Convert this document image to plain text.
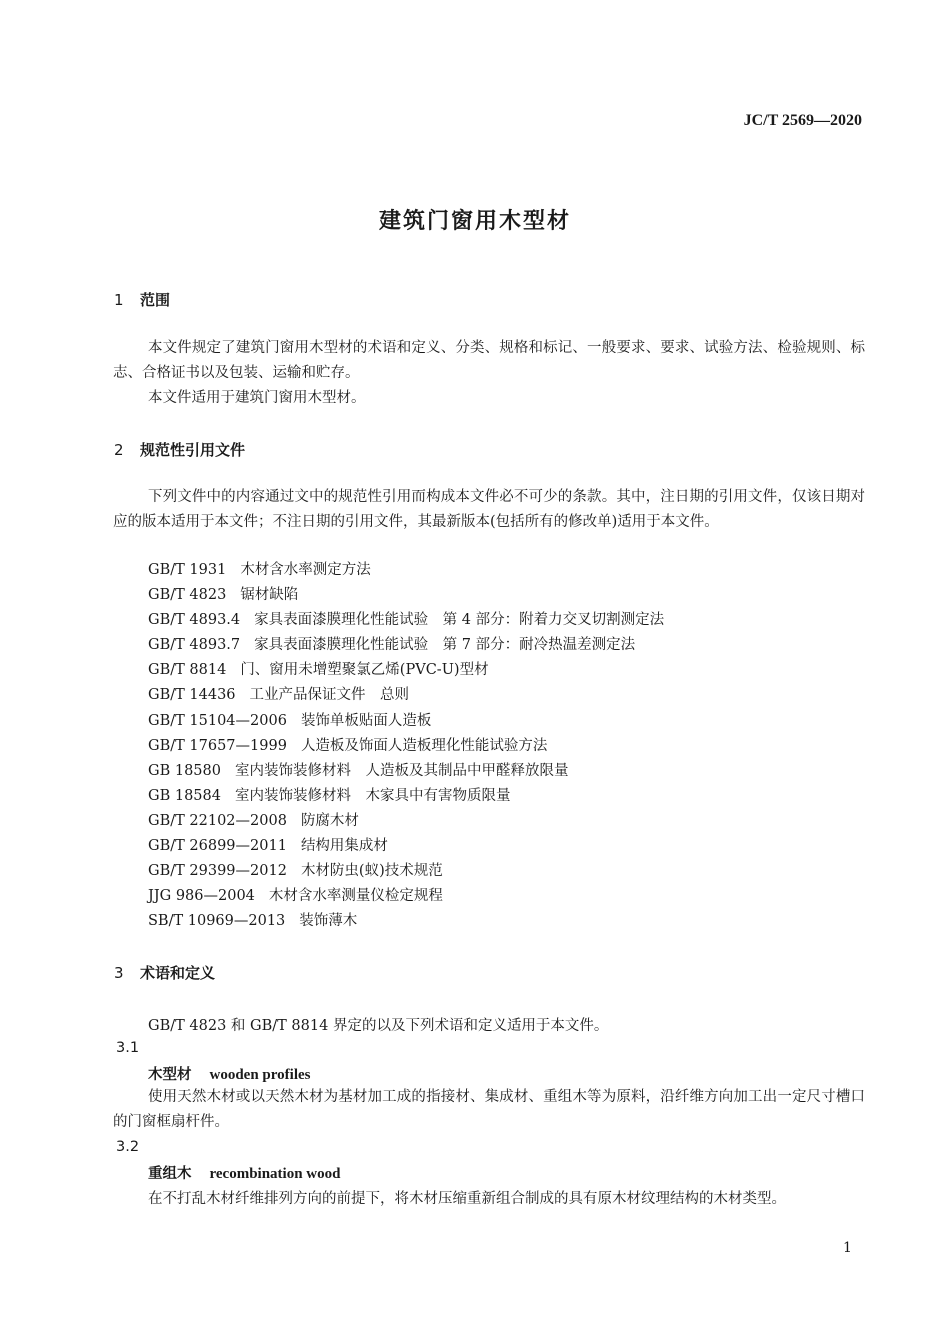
JC/T 2569—2020
建筑门窗用木型材
1 范围
本文件规定了建筑门窗用木型材的术语和定义、分类、规格和标记、一般要求、要求、试验方法、检验规则、标志、合格证书以及包装、运输和贮存。
本文件适用于建筑门窗用木型材。
2 规范性引用文件
下列文件中的内容通过文中的规范性引用而构成本文件必不可少的条款。其中，注日期的引用文件，仅该日期对应的版本适用于本文件；不注日期的引用文件，其最新版本(包括所有的修改单)适用于本文件。
GB/T 1931 木材含水率测定方法
GB/T 4823 锯材缺陷
GB/T 4893.4 家具表面漆膜理化性能试验　第 4 部分：附着力交叉切割测定法
GB/T 4893.7 家具表面漆膜理化性能试验　第 7 部分：耐冷热温差测定法
GB/T 8814 门、窗用未增塑聚氯乙烯(PVC-U)型材
GB/T 14436 工业产品保证文件　总则
GB/T 15104—2006 装饰单板贴面人造板
GB/T 17657—1999 人造板及饰面人造板理化性能试验方法
GB 18580 室内装饰装修材料　人造板及其制品中甲醛释放限量
GB 18584 室内装饰装修材料　木家具中有害物质限量
GB/T 22102—2008 防腐木材
GB/T 26899—2011 结构用集成材
GB/T 29399—2012 木材防虫(蚁)技术规范
JJG 986—2004 木材含水率测量仪检定规程
SB/T 10969—2013 装饰薄木
3 术语和定义
GB/T 4823 和 GB/T 8814 界定的以及下列术语和定义适用于本文件。
3.1
木型材 wooden profiles
使用天然木材或以天然木材为基材加工成的指接材、集成材、重组木等为原料，沿纤维方向加工出一定尺寸槽口的门窗框扇杆件。
3.2
重组木 recombination wood
在不打乱木材纤维排列方向的前提下，将木材压缩重新组合制成的具有原木材纹理结构的木材类型。
1
